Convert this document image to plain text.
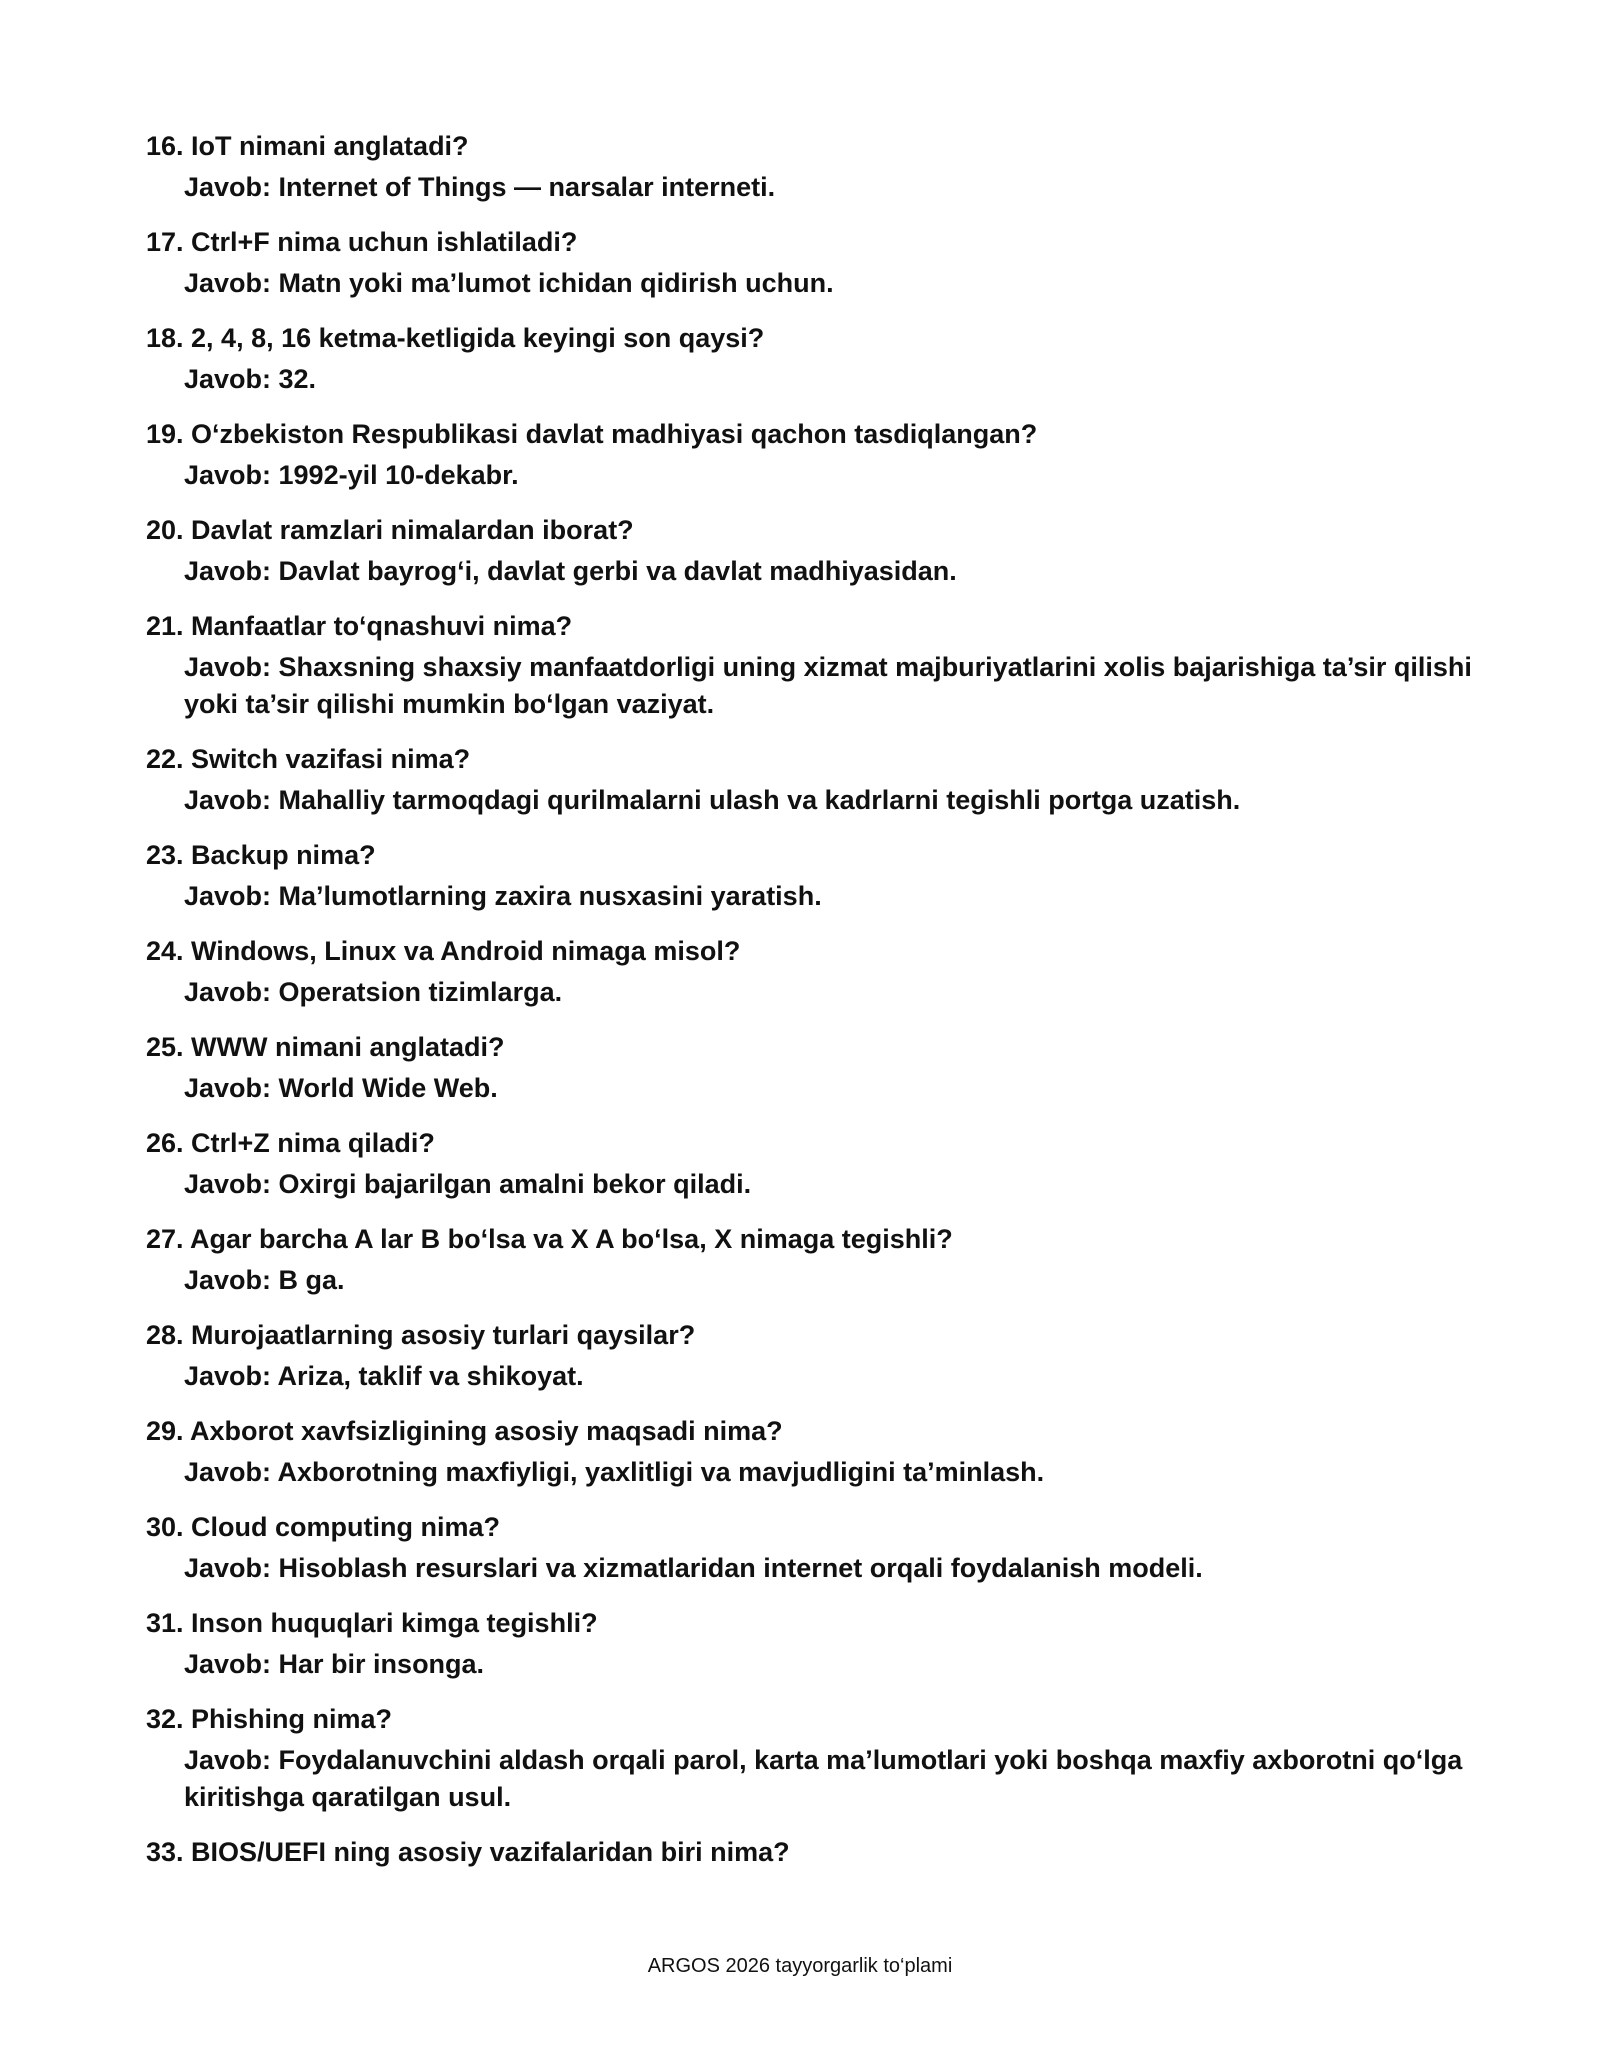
16. IoT nimani anglatadi?

Javob: Internet of Things — narsalar interneti.

17. Ctrl+F nima uchun ishlatiladi?

Javob: Matn yoki ma’lumot ichidan qidirish uchun.

18. 2, 4, 8, 16 ketma-ketligida keyingi son qaysi?

Javob: 32.

19. O‘zbekiston Respublikasi davlat madhiyasi qachon tasdiqlangan?

Javob: 1992-yil 10-dekabr.

20. Davlat ramzlari nimalardan iborat?

Javob: Davlat bayrog‘i, davlat gerbi va davlat madhiyasidan.

21. Manfaatlar to‘qnashuvi nima?

Javob: Shaxsning shaxsiy manfaatdorligi uning xizmat majburiyatlarini xolis bajarishiga ta’sir qilishi yoki ta’sir qilishi mumkin bo‘lgan vaziyat.

22. Switch vazifasi nima?

Javob: Mahalliy tarmoqdagi qurilmalarni ulash va kadrlarni tegishli portga uzatish.

23. Backup nima?

Javob: Ma’lumotlarning zaxira nusxasini yaratish.

24. Windows, Linux va Android nimaga misol?

Javob: Operatsion tizimlarga.

25. WWW nimani anglatadi?

Javob: World Wide Web.

26. Ctrl+Z nima qiladi?

Javob: Oxirgi bajarilgan amalni bekor qiladi.

27. Agar barcha A lar B bo‘lsa va X A bo‘lsa, X nimaga tegishli?

Javob: B ga.

28. Murojaatlarning asosiy turlari qaysilar?

Javob: Ariza, taklif va shikoyat.

29. Axborot xavfsizligining asosiy maqsadi nima?

Javob: Axborotning maxfiyligi, yaxlitligi va mavjudligini ta’minlash.

30. Cloud computing nima?

Javob: Hisoblash resurslari va xizmatlaridan internet orqali foydalanish modeli.

31. Inson huquqlari kimga tegishli?

Javob: Har bir insonga.

32. Phishing nima?

Javob: Foydalanuvchini aldash orqali parol, karta ma’lumotlari yoki boshqa maxfiy axborotni qo‘lga kiritishga qaratilgan usul.

33. BIOS/UEFI ning asosiy vazifalaridan biri nima?

ARGOS 2026 tayyorgarlik to‘plami
